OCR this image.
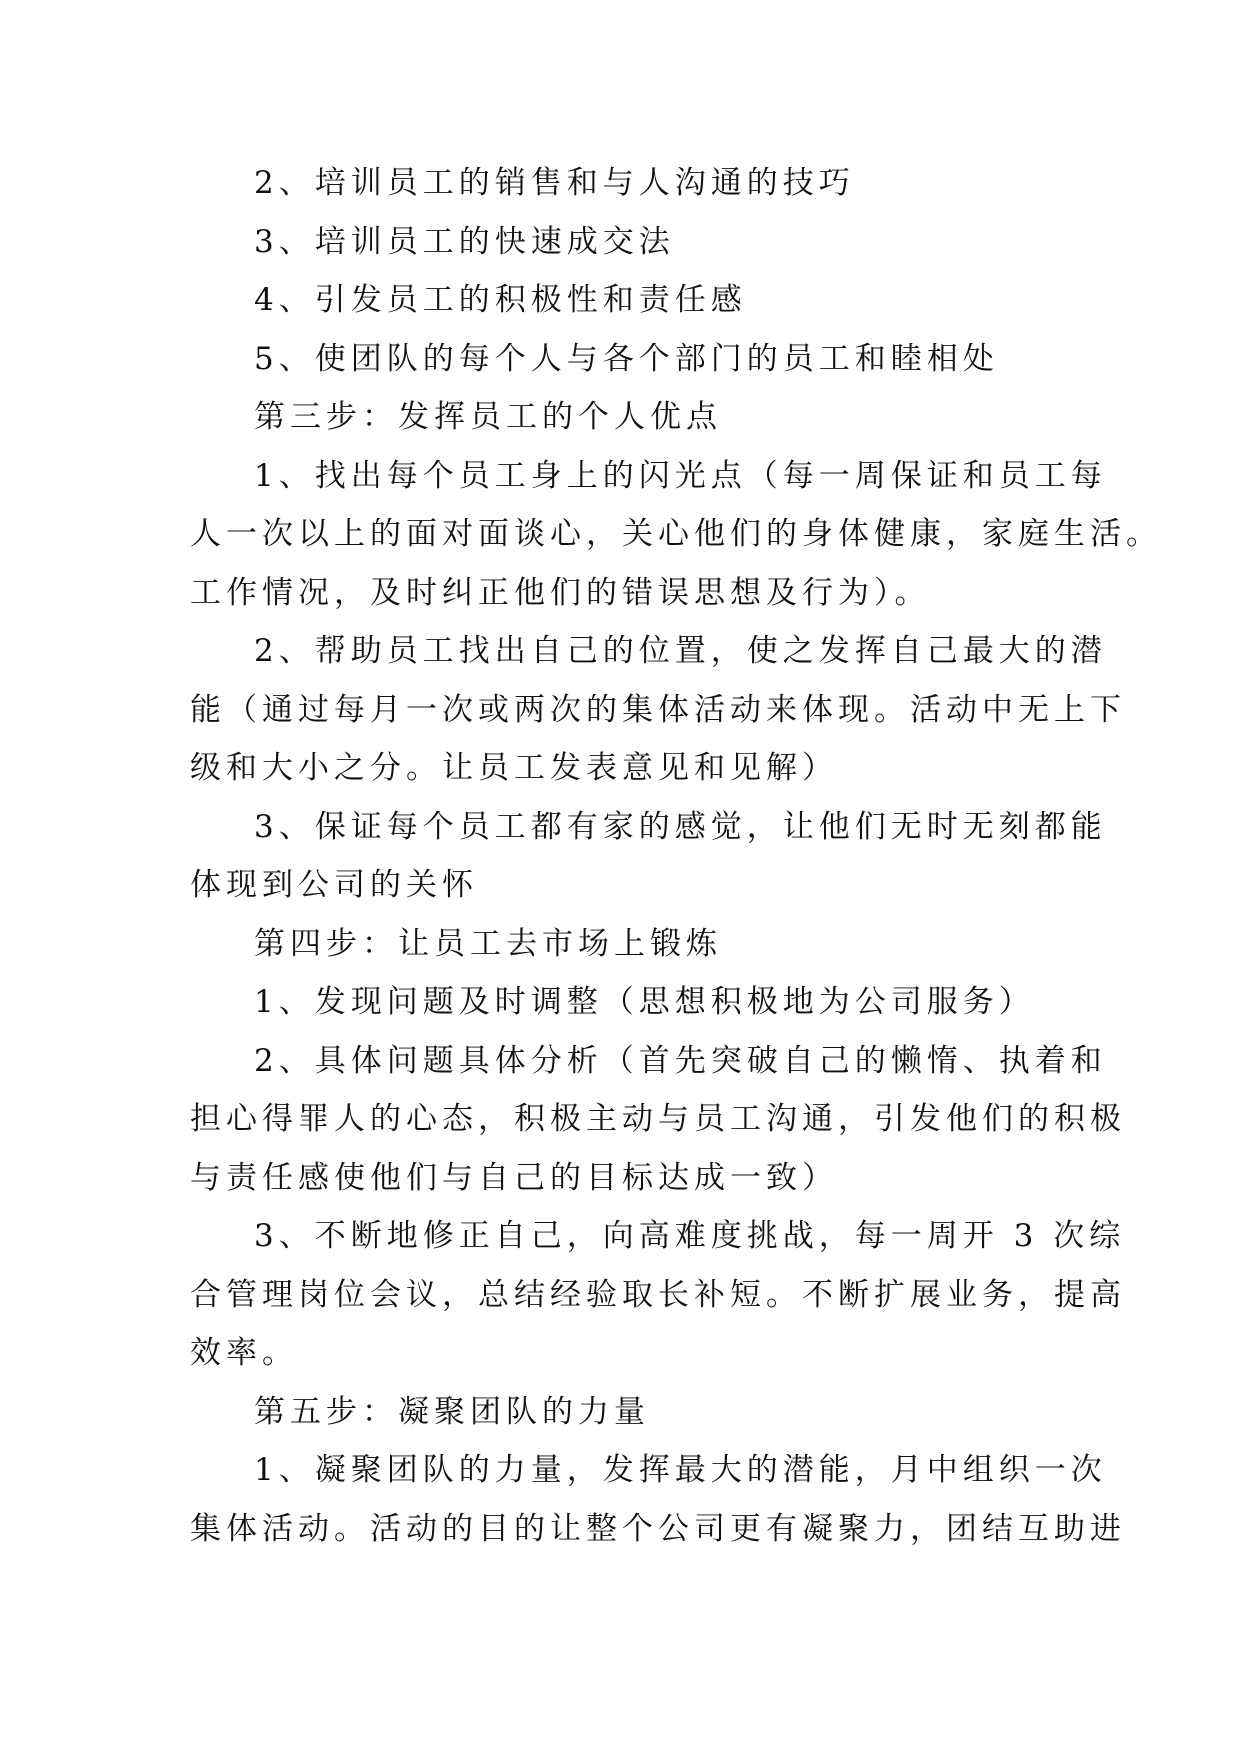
2、培训员工的销售和与人沟通的技巧
3、培训员工的快速成交法
4、引发员工的积极性和责任感
5、使团队的每个人与各个部门的员工和睦相处
第三步：发挥员工的个人优点
1、找出每个员工身上的闪光点（每一周保证和员工每
人一次以上的面对面谈心，关心他们的身体健康，家庭生活。
工作情况，及时纠正他们的错误思想及行为）。
2、帮助员工找出自己的位置，使之发挥自己最大的潜
能（通过每月一次或两次的集体活动来体现。活动中无上下
级和大小之分。让员工发表意见和见解）
3、保证每个员工都有家的感觉，让他们无时无刻都能
体现到公司的关怀
第四步：让员工去市场上锻炼
1、发现问题及时调整（思想积极地为公司服务）
2、具体问题具体分析（首先突破自己的懒惰、执着和
担心得罪人的心态，积极主动与员工沟通，引发他们的积极
与责任感使他们与自己的目标达成一致）
3、不断地修正自己，向高难度挑战，每一周开 3 次综
合管理岗位会议，总结经验取长补短。不断扩展业务，提高
效率。
第五步：凝聚团队的力量
1、凝聚团队的力量，发挥最大的潜能，月中组织一次
集体活动。活动的目的让整个公司更有凝聚力，团结互助进
